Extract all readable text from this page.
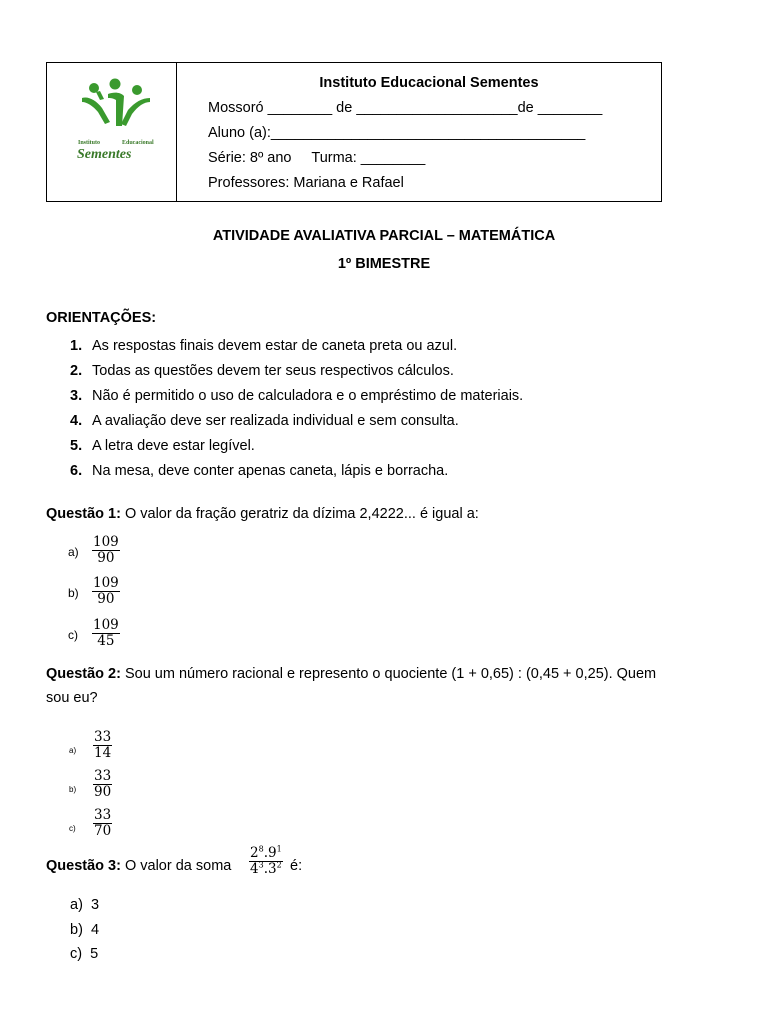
Instituto	Educacional
Sementes
Instituto Educacional Sementes
Mossoró ________ de ____________________de ________
Aluno (a):_______________________________________
Série: 8º ano     Turma: ________
Professores: Mariana e Rafael
ATIVIDADE AVALIATIVA PARCIAL – MATEMÁTICA
1º BIMESTRE
ORIENTAÇÕES:
1. As respostas finais devem estar de caneta preta ou azul.
2. Todas as questões devem ter seus respectivos cálculos.
3. Não é permitido o uso de calculadora e o empréstimo de materiais.
4. A avaliação deve ser realizada individual e sem consulta.
5. A letra deve estar legível.
6. Na mesa, deve conter apenas caneta, lápis e borracha.
Questão 1: O valor da fração geratriz da dízima 2,4222... é igual a:
$a) \frac{109}{90}$
$b) \frac{109}{90}$
$c) \frac{109}{45}$
Questão 2: Sou um número racional e represento o quociente (1 + 0,65) : (0,45 + 0,25). Quem
sou eu?
$a) \frac{33}{14}$
$b) \frac{33}{90}$
$c) \frac{33}{70}$
Questão 3: O valor da soma $\frac{2^8.9^1}{4^3.3^2}$ é:
a) 3
b) 4
c) 5
